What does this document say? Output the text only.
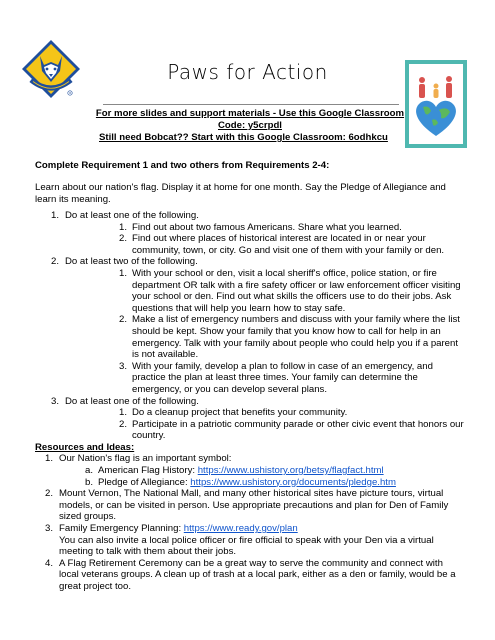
R
Paws for Action
For more slides and support materials - Use this Google Classroom
Code: y5crpdl
Still need Bobcat?? Start with this Google Classroom: 6odhkcu
Complete Requirement 1 and two others from Requirements 2-4:
Learn about our nation's flag. Display it at home for one month. Say the Pledge of Allegiance and learn its meaning.
1. Do at least one of the following.
1. Find out about two famous Americans. Share what you learned.
2. Find out where places of historical interest are located in or near your community, town, or city. Go and visit one of them with your family or den.
2. Do at least two of the following.
1. With your school or den, visit a local sheriff's office, police station, or fire department OR talk with a fire safety officer or law enforcement officer visiting your school or den. Find out what skills the officers use to do their jobs. Ask questions that will help you learn how to stay safe.
2. Make a list of emergency numbers and discuss with your family where the list should be kept. Show your family that you know how to call for help in an emergency. Talk with your family about people who could help you if a parent is not available.
3. With your family, develop a plan to follow in case of an emergency, and practice the plan at least three times. Your family can determine the emergency, or you can develop several plans.
3. Do at least one of the following.
1. Do a cleanup project that benefits your community.
2. Participate in a patriotic community parade or other civic event that honors our country.
Resources and Ideas:
1. Our Nation's flag is an important symbol:
a. American Flag History: https://www.ushistory.org/betsy/flagfact.html
b. Pledge of Allegiance: https://www.ushistory.org/documents/pledge.htm
2. Mount Vernon, The National Mall, and many other historical sites have picture tours, virtual models, or can be visited in person. Use appropriate precautions and plan for Den of Family sized groups.
3. Family Emergency Planning: https://www.ready.gov/plan
You can also invite a local police officer or fire official to speak with your Den via a virtual meeting to talk with them about their jobs.
4. A Flag Retirement Ceremony can be a great way to serve the community and connect with local veterans groups. A clean up of trash at a local park, either as a den or family, would be a great project too.
